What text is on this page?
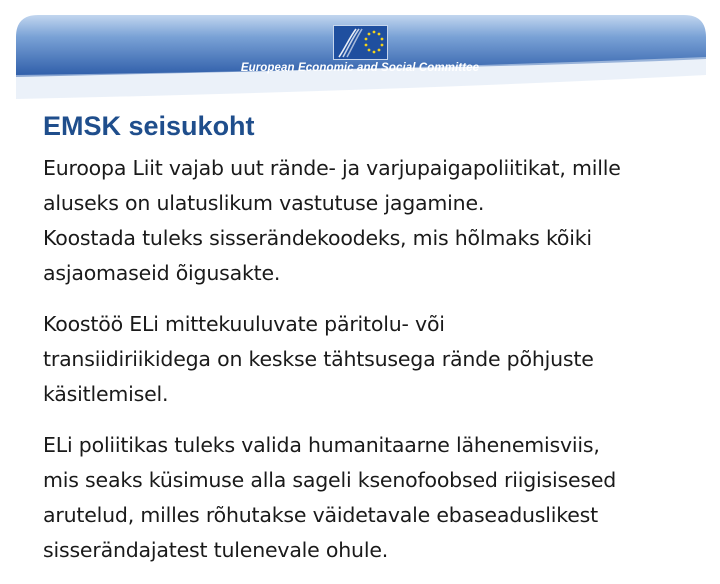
European Economic and Social Committee
EMSK seisukoht

Euroopa Liit vajab uut rände- ja varjupaigapoliitikat, mille
aluseks on ulatuslikum vastutuse jagamine.
Koostada tuleks sisserändekoodeks, mis hõlmaks kõiki
asjaomaseid õigusakte.

Koostöö ELi mittekuuluvate päritolu- või
transiidiriikidega on keskse tähtsusega rände põhjuste
käsitlemisel.

ELi poliitikas tuleks valida humanitaarne lähenemisviis,
mis seaks küsimuse alla sageli ksenofoobsed riigisisesed
arutelud, milles rõhutakse väidetavale ebaseaduslikest
sisserändajatest tulenevale ohule.
